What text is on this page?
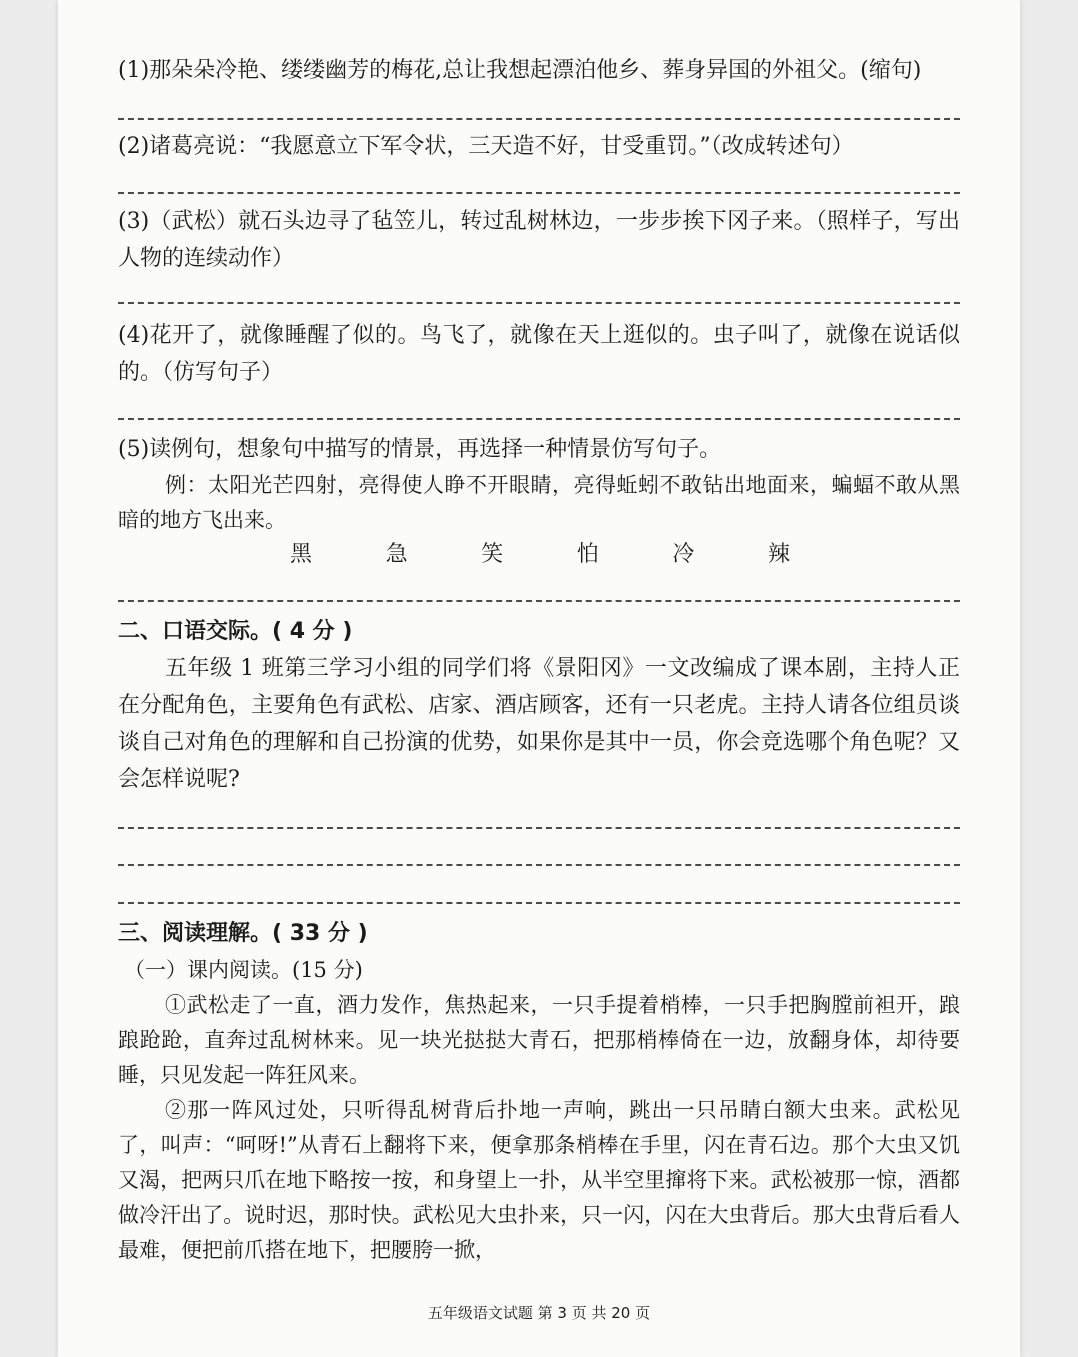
(1)那朵朵冷艳、缕缕幽芳的梅花,总让我想起漂泊他乡、葬身异国的外祖父。(缩句)
(2)诸葛亮说：“我愿意立下军令状，三天造不好，甘受重罚。”（改成转述句）
(3)（武松）就石头边寻了毡笠儿，转过乱树林边，一步步挨下冈子来。（照样子，写出人物的连续动作）
(4)花开了，就像睡醒了似的。鸟飞了，就像在天上逛似的。虫子叫了，就像在说话似的。（仿写句子）
(5)读例句，想象句中描写的情景，再选择一种情景仿写句子。
例：太阳光芒四射，亮得使人睁不开眼睛，亮得蚯蚓不敢钻出地面来，蝙蝠不敢从黑暗的地方飞出来。
黑	急	笑	怕	冷	辣
二、口语交际。( 4 分 )
五年级 1 班第三学习小组的同学们将《景阳冈》一文改编成了课本剧，主持人正在分配角色，主要角色有武松、店家、酒店顾客，还有一只老虎。主持人请各位组员谈谈自己对角色的理解和自己扮演的优势，如果你是其中一员，你会竞选哪个角色呢？又会怎样说呢?
三、阅读理解。( 33 分 )
（一）课内阅读。(15 分)
①武松走了一直，酒力发作，焦热起来，一只手提着梢棒，一只手把胸膛前袒开，踉踉跄跄，直奔过乱树林来。见一块光挞挞大青石，把那梢棒倚在一边，放翻身体，却待要睡，只见发起一阵狂风来。
②那一阵风过处，只听得乱树背后扑地一声响，跳出一只吊睛白额大虫来。武松见了，叫声：“呵呀!”从青石上翻将下来，便拿那条梢棒在手里，闪在青石边。那个大虫又饥又渴，把两只爪在地下略按一按，和身望上一扑，从半空里撺将下来。武松被那一惊，酒都做冷汗出了。说时迟，那时快。武松见大虫扑来，只一闪，闪在大虫背后。那大虫背后看人最难，便把前爪搭在地下，把腰胯一掀，
五年级语文试题 第 3 页 共 20 页
